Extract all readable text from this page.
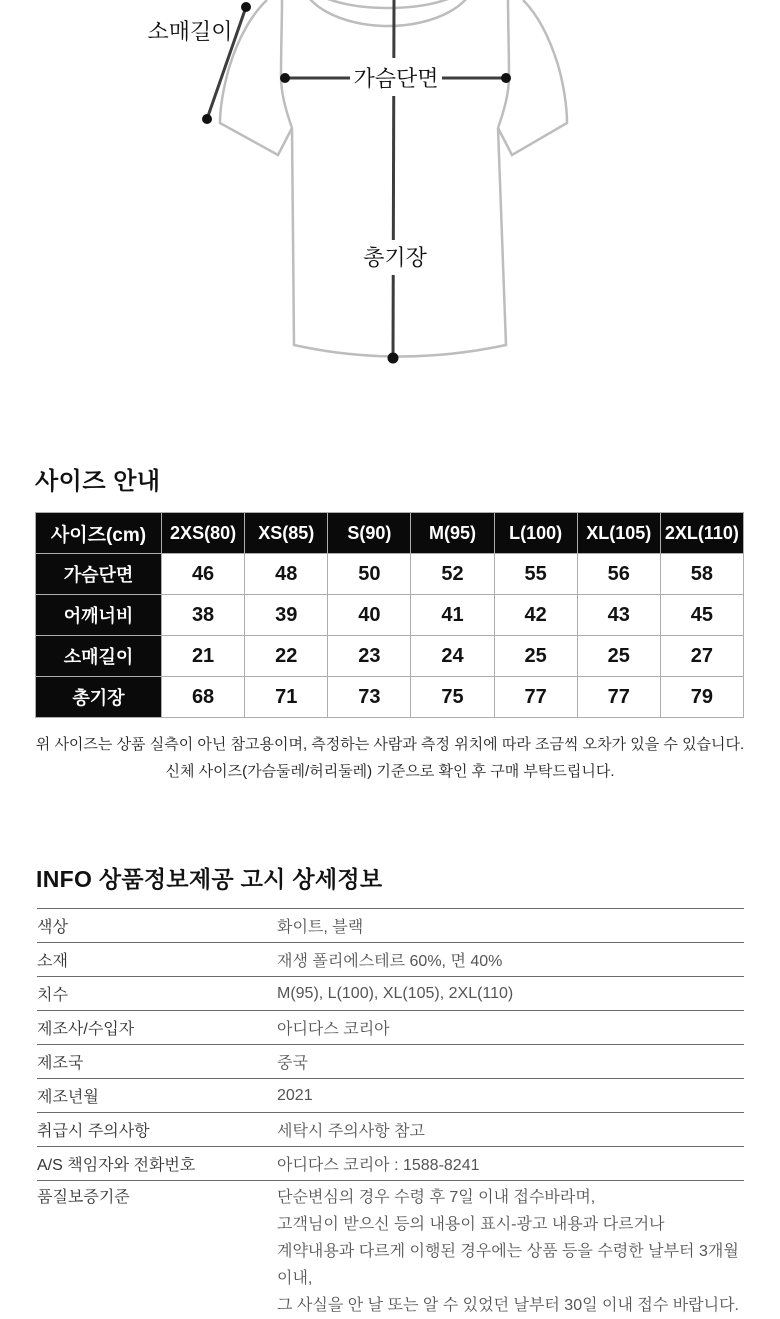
소매길이
가슴단면
총기장
사이즈 안내
사이즈(cm)	2XS(80)	XS(85)	S(90)	M(95)	L(100)	XL(105)	2XL(110)
가슴단면	46	48	50	52	55	56	58
어깨너비	38	39	40	41	42	43	45
소매길이	21	22	23	24	25	25	27
총기장	68	71	73	75	77	77	79
위 사이즈는 상품 실측이 아닌 참고용이며, 측정하는 사람과 측정 위치에 따라 조금씩 오차가 있을 수 있습니다.
신체 사이즈(가슴둘레/허리둘레) 기준으로 확인 후 구매 부탁드립니다.
INFO 상품정보제공 고시 상세정보
색상	화이트, 블랙
소재	재생 폴리에스테르 60%, 면 40%
치수	M(95), L(100), XL(105), 2XL(110)
제조사/수입자	아디다스 코리아
제조국	중국
제조년월	2021
취급시 주의사항	세탁시 주의사항 참고
A/S 책임자와 전화번호	아디다스 코리아 : 1588-8241
품질보증기준	단순변심의 경우 수령 후 7일 이내 접수바라며,
고객님이 받으신 등의 내용이 표시-광고 내용과 다르거나
계약내용과 다르게 이행된 경우에는 상품 등을 수령한 날부터 3개월 이내,
그 사실을 안 날 또는 알 수 있었던 날부터 30일 이내 접수 바랍니다.
